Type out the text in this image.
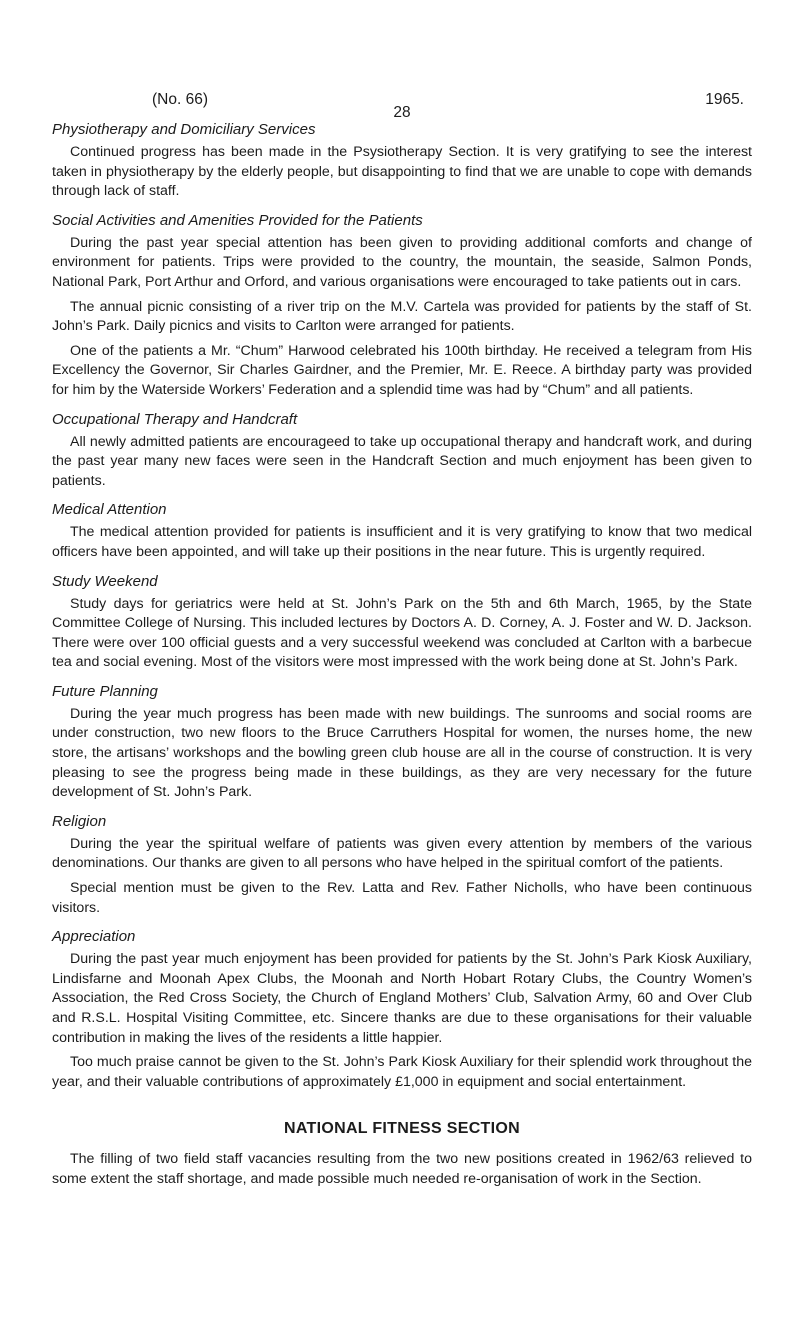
(No. 66)
28
1965.
Physiotherapy and Domiciliary Services

Continued progress has been made in the Psysiotherapy Section. It is very gratifying to see the interest taken in physiotherapy by the elderly people, but disappointing to find that we are unable to cope with demands through lack of staff.

Social Activities and Amenities Provided for the Patients

During the past year special attention has been given to providing additional comforts and change of environment for patients. Trips were provided to the country, the mountain, the seaside, Salmon Ponds, National Park, Port Arthur and Orford, and various organisations were encouraged to take patients out in cars.

The annual picnic consisting of a river trip on the M.V. Cartela was provided for patients by the staff of St. John’s Park. Daily picnics and visits to Carlton were arranged for patients.

One of the patients a Mr. “Chum” Harwood celebrated his 100th birthday. He received a telegram from His Excellency the Governor, Sir Charles Gairdner, and the Premier, Mr. E. Reece. A birthday party was provided for him by the Waterside Workers’ Federation and a splendid time was had by “Chum” and all patients.

Occupational Therapy and Handcraft

All newly admitted patients are encourageed to take up occupational therapy and handcraft work, and during the past year many new faces were seen in the Handcraft Section and much enjoyment has been given to patients.

Medical Attention

The medical attention provided for patients is insufficient and it is very gratifying to know that two medical officers have been appointed, and will take up their positions in the near future. This is urgently required.

Study Weekend

Study days for geriatrics were held at St. John’s Park on the 5th and 6th March, 1965, by the State Committee College of Nursing. This included lectures by Doctors A. D. Corney, A. J. Foster and W. D. Jackson. There were over 100 official guests and a very successful weekend was concluded at Carlton with a barbecue tea and social evening. Most of the visitors were most impressed with the work being done at St. John’s Park.

Future Planning

During the year much progress has been made with new buildings. The sunrooms and social rooms are under construction, two new floors to the Bruce Carruthers Hospital for women, the nurses home, the new store, the artisans’ workshops and the bowling green club house are all in the course of construction. It is very pleasing to see the progress being made in these buildings, as they are very necessary for the future development of St. John’s Park.

Religion

During the year the spiritual welfare of patients was given every attention by members of the various denominations. Our thanks are given to all persons who have helped in the spiritual comfort of the patients.

Special mention must be given to the Rev. Latta and Rev. Father Nicholls, who have been continuous visitors.

Appreciation

During the past year much enjoyment has been provided for patients by the St. John’s Park Kiosk Auxiliary, Lindisfarne and Moonah Apex Clubs, the Moonah and North Hobart Rotary Clubs, the Country Women’s Association, the Red Cross Society, the Church of England Mothers’ Club, Salvation Army, 60 and Over Club and R.S.L. Hospital Visiting Committee, etc. Sincere thanks are due to these organisations for their valuable contribution in making the lives of the residents a little happier.

Too much praise cannot be given to the St. John’s Park Kiosk Auxiliary for their splendid work throughout the year, and their valuable contributions of approximately £1,000 in equipment and social entertainment.

NATIONAL FITNESS SECTION

The filling of two field staff vacancies resulting from the two new positions created in 1962/63 relieved to some extent the staff shortage, and made possible much needed re-organisation of work in the Section.
